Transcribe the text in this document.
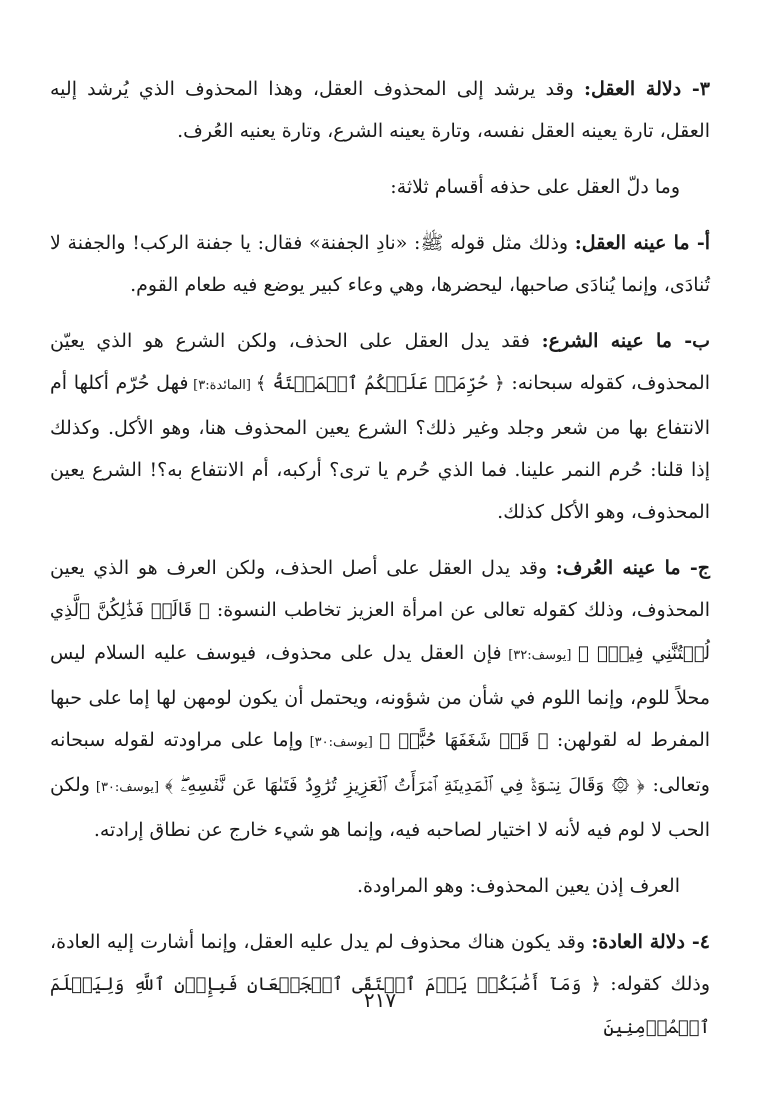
٣- دلالة العقل: وقد يرشد إلى المحذوف العقل، وهذا المحذوف الذي يُرشد إليه العقل، تارة يعينه العقل نفسه، وتارة يعينه الشرع، وتارة يعنيه العُرف.

وما دلّ العقل على حذفه أقسام ثلاثة:

أ- ما عينه العقل: وذلك مثل قوله ﷺ: «نادِ الجفنة» فقال: يا جفنة الركب! والجفنة لا تُنادَى، وإنما يُنادَى صاحبها، ليحضرها، وهي وعاء كبير يوضع فيه طعام القوم.

ب- ما عينه الشرع: فقد يدل العقل على الحذف، ولكن الشرع هو الذي يعيّن المحذوف، كقوله سبحانه: ﴿ حُرِّمَتۡ عَلَيۡكُمُ ٱلۡمَيۡتَةُ ﴾ [المائدة:٣] فهل حُرّم أكلها أم الانتفاع بها من شعر وجلد وغير ذلك؟ الشرع يعين المحذوف هنا، وهو الأكل. وكذلك إذا قلنا: حُرم النمر علينا. فما الذي حُرم يا ترى؟ أركبه، أم الانتفاع به؟! الشرع يعين المحذوف، وهو الأكل كذلك.

ج- ما عينه العُرف: وقد يدل العقل على أصل الحذف، ولكن العرف هو الذي يعين المحذوف، وذلك كقوله تعالى عن امرأة العزيز تخاطب النسوة: ﴿ قَالَتۡ فَذَٰلِكُنَّ ٱلَّذِي لُمۡتُنَّنِي فِيهِۖ ﴾ [يوسف:٣٢] فإن العقل يدل على محذوف، فيوسف عليه السلام ليس محلاً للوم، وإنما اللوم في شأن من شؤونه، ويحتمل أن يكون لومهن لها إما على حبها المفرط له لقولهن: ﴿ قَدۡ شَغَفَهَا حُبًّاۖ ﴾ [يوسف:٣٠] وإما على مراودته لقوله سبحانه وتعالى: ﴿ ۞ وَقَالَ نِسۡوَةٞ فِي ٱلۡمَدِينَةِ ٱمۡرَأَتُ ٱلۡعَزِيزِ تُرَٰوِدُ فَتَىٰهَا عَن نَّفۡسِهِۦۖ ﴾ [يوسف:٣٠] ولكن الحب لا لوم فيه لأنه لا اختيار لصاحبه فيه، وإنما هو شيء خارج عن نطاق إرادته.

العرف إذن يعين المحذوف: وهو المراودة.

٤- دلالة العادة: وقد يكون هناك محذوف لم يدل عليه العقل، وإنما أشارت إليه العادة، وذلك كقوله: ﴿ وَمَآ أَصَٰبَكُمۡ يَوۡمَ ٱلۡتَقَى ٱلۡجَمۡعَانِ فَبِإِذۡنِ ٱللَّهِ وَلِيَعۡلَمَ ٱلۡمُؤۡمِنِينَ

٢١٧
